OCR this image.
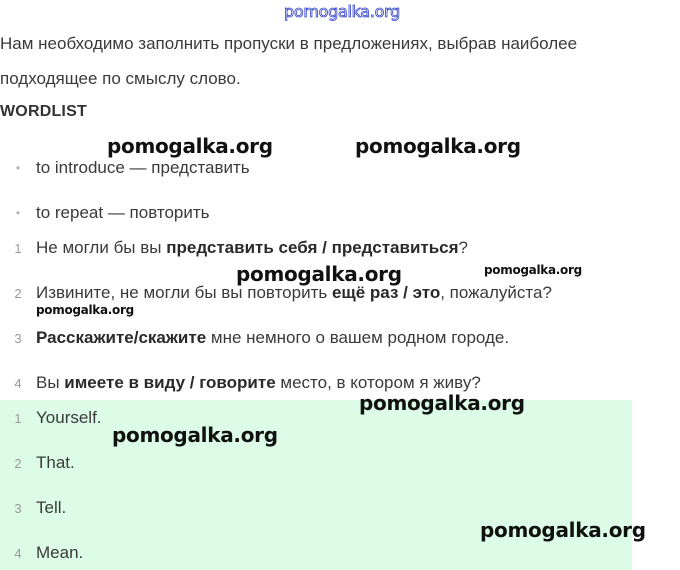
Нам необходимо заполнить пропуски в предложениях, выбрав наиболее
подходящее по смыслу слово.
WORDLIST
• to introduce — представить
• to repeat — повторить
1 Не могли бы вы представить себя / представиться?
2 Извините, не могли бы вы повторить ещё раз / это, пожалуйста?
3 Расскажите/скажите мне немного о вашем родном городе.
4 Вы имеете в виду / говорите место, в котором я живу?
1 Yourself.
2 That.
3 Tell.
4 Mean.
pomogalka.org
pomogalka.org	pomogalka.org
pomogalka.org	pomogalka.org
pomogalka.org
pomogalka.org
pomogalka.org
pomogalka.org
